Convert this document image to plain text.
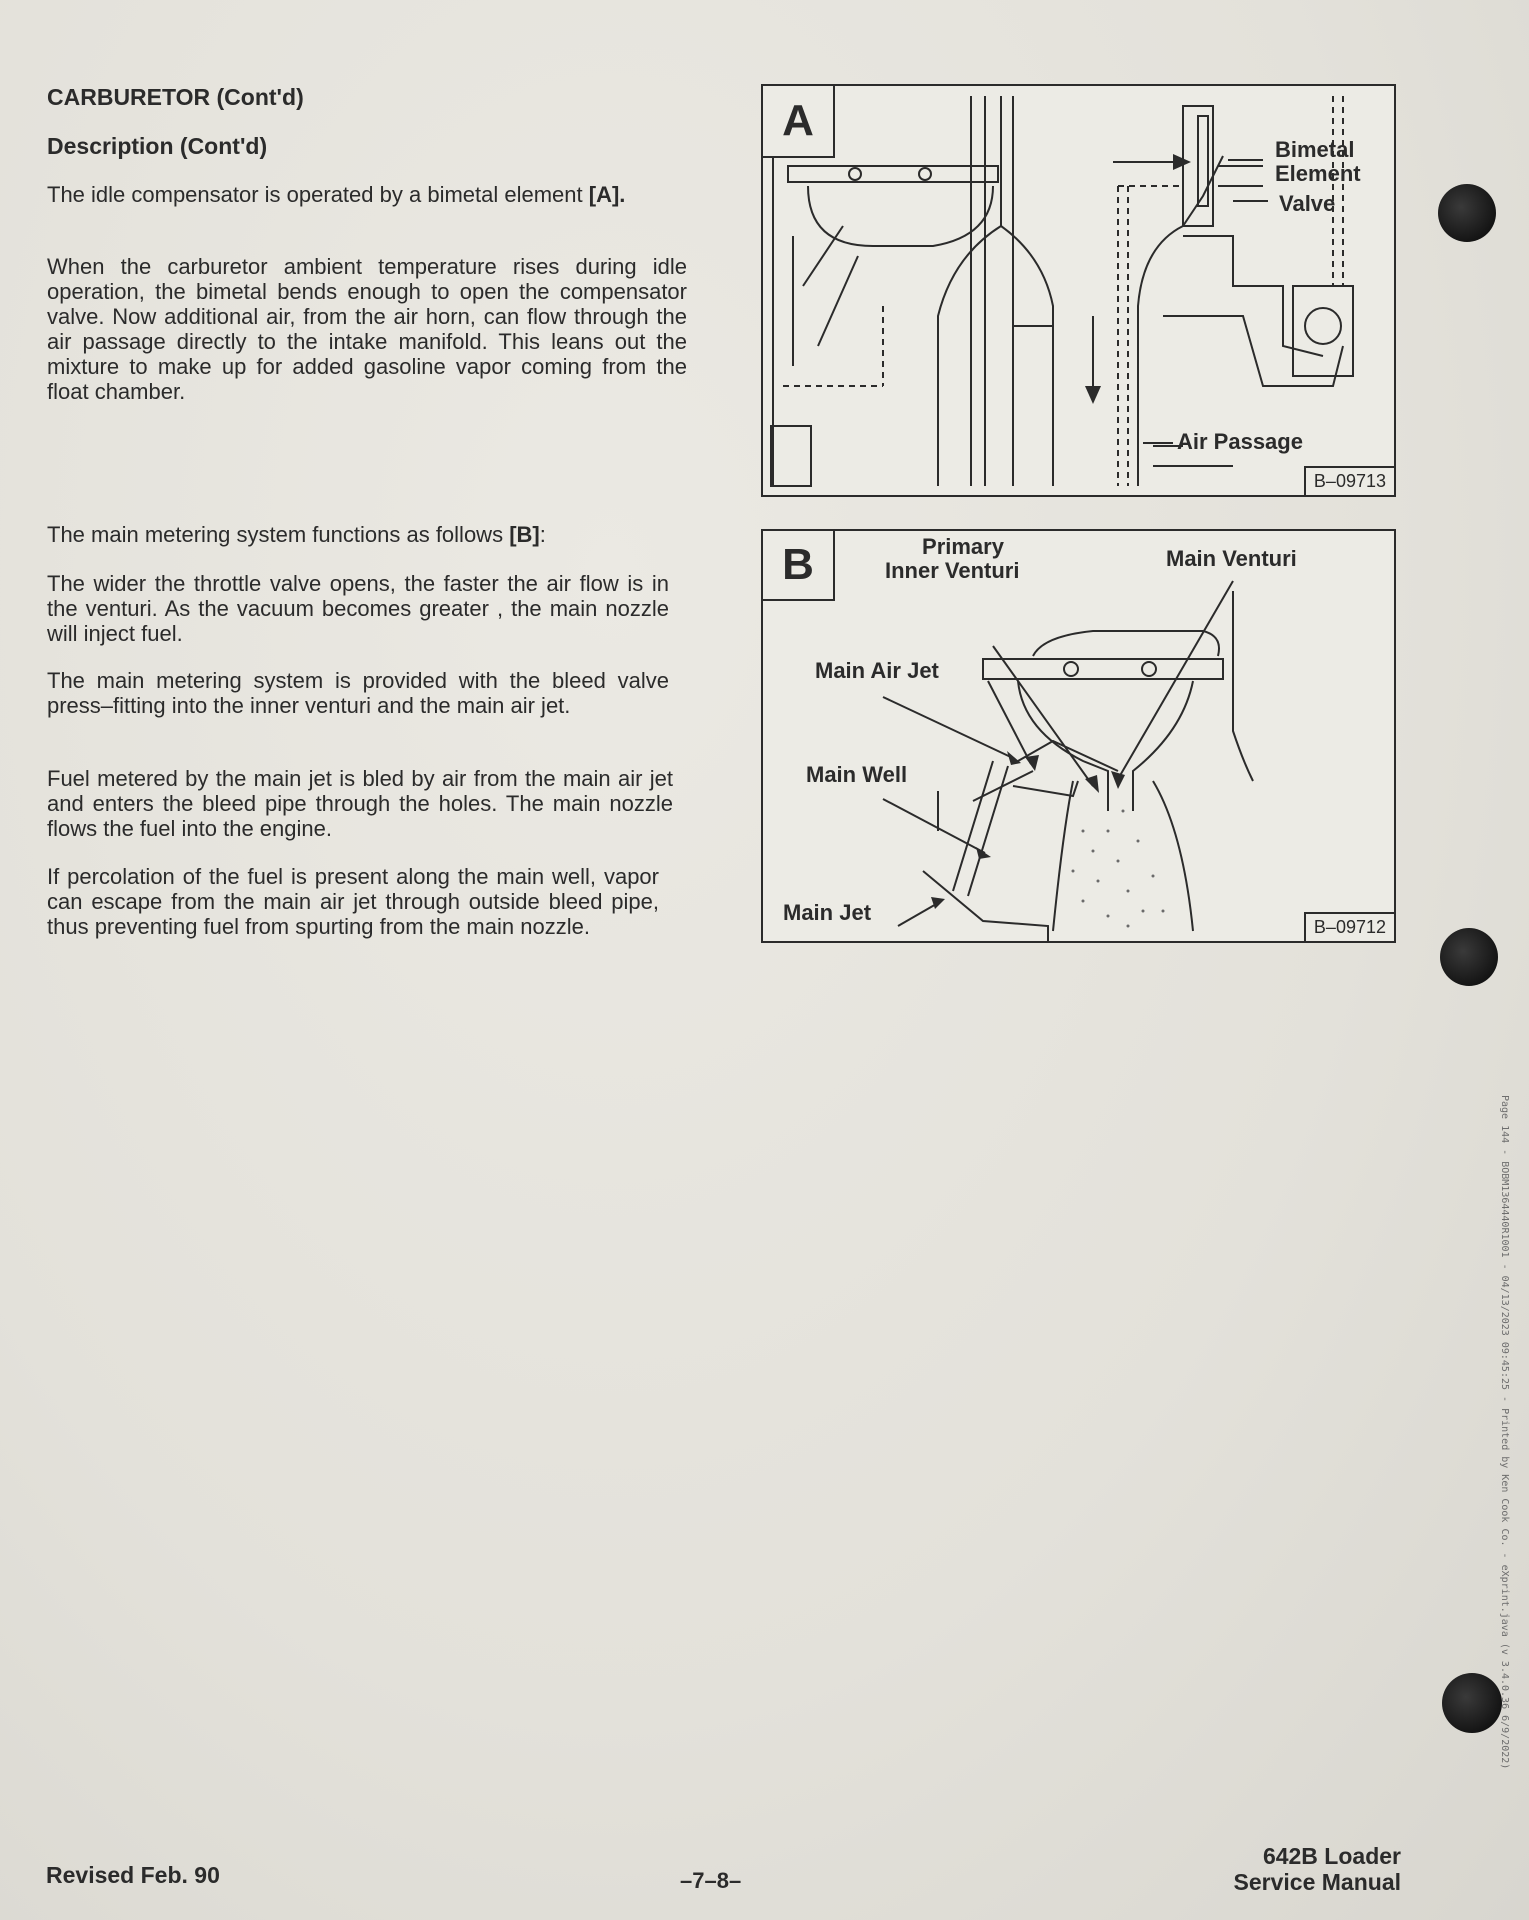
CARBURETOR (Cont'd)
Description (Cont'd)

The idle compensator is operated by a bimetal element [A].

When the carburetor ambient temperature rises during idle operation, the bimetal bends enough to open the compensator valve. Now additional air, from the air horn, can flow through the air passage directly to the intake manifold. This leans out the mixture to make up for added gasoline vapor coming from the float chamber.

The main metering system functions as follows [B]:

The wider the throttle valve opens, the faster the air flow is in the venturi. As the vacuum becomes greater , the main nozzle will inject fuel.

The main metering system is provided with the bleed valve press–fitting into the inner venturi and the main air jet.

Fuel metered by the main jet is bled by air from the main air jet and enters the bleed pipe through the holes. The main nozzle flows the fuel into the engine.

If percolation of the fuel is present along the main well, vapor can escape from the main air jet through outside bleed pipe, thus preventing fuel from spurting from the main nozzle.

A
Bimetal
Element
Valve
Air Passage
B–09713
B	Primary
Inner Venturi	Main Venturi
Main Air Jet
Main Well
Main Jet
B–09712
Page 144 - BOBM1364440R1001 - 04/13/2023 09:45:25 - Printed by Ken Cook Co. - eXprint.java (v 3.4.0.36 6/9/2022)
Revised Feb. 90	–7–8–
642B Loader
Service Manual
